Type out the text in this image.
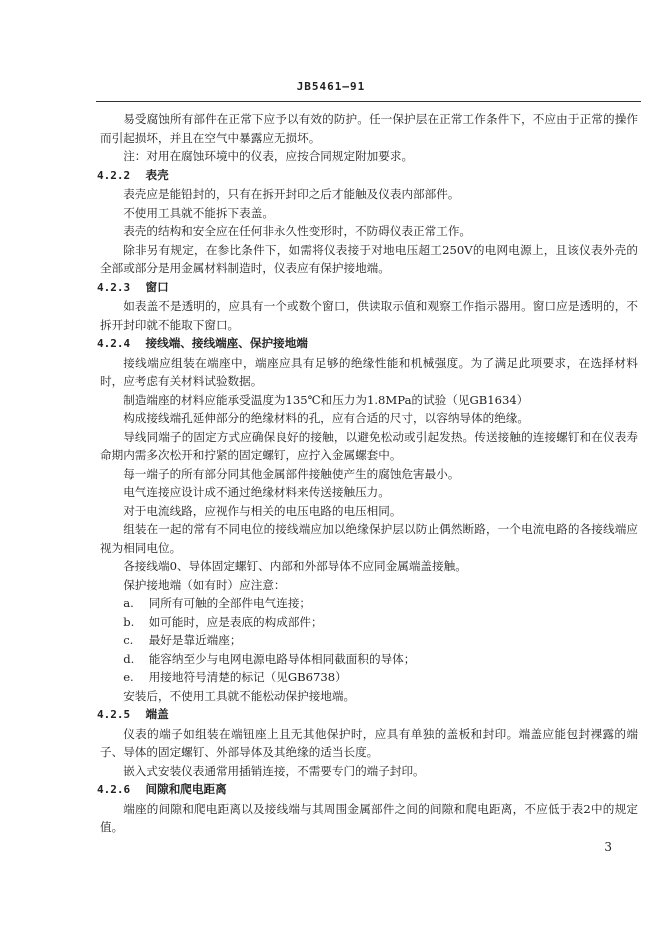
JB5461—91

易受腐蚀所有部件在正常下应予以有效的防护。任一保护层在正常工作条件下，不应由于正常的操作而引起损坏，并且在空气中暴露应无损坏。

注：对用在腐蚀环境中的仪表，应按合同规定附加要求。

4.2.2 表壳

表壳应是能铅封的，只有在拆开封印之后才能触及仪表内部部件。

不使用工具就不能拆下表盖。

表壳的结构和安全应在任何非永久性变形时，不防碍仪表正常工作。

除非另有规定，在参比条件下，如需将仪表接于对地电压超工250V的电网电源上，且该仪表外壳的全部或部分是用金属材料制造时，仪表应有保护接地端。

4.2.3 窗口

如表盖不是透明的，应具有一个或数个窗口，供读取示值和观察工作指示器用。窗口应是透明的，不拆开封印就不能取下窗口。

4.2.4 接线端、接线端座、保护接地端

接线端应组装在端座中，端座应具有足够的绝缘性能和机械强度。为了满足此项要求，在选择材料时，应考虑有关材料试验数据。

制造端座的材料应能承受温度为135℃和压力为1.8MPa的试验（见GB1634）

构成接线端孔延伸部分的绝缘材料的孔，应有合适的尺寸，以容纳导体的绝缘。

导线同端子的固定方式应确保良好的接触，以避免松动或引起发热。传送接触的连接螺钉和在仪表寿命期内需多次松开和拧紧的固定螺钉，应拧入金属螺套中。

每一端子的所有部分同其他金属部件接触使产生的腐蚀危害最小。

电气连接应设计成不通过绝缘材料来传送接触压力。

对于电流线路，应视作与相关的电压电路的电压相同。

组装在一起的常有不同电位的接线端应加以绝缘保护层以防止偶然断路，一个电流电路的各接线端应视为相同电位。

各接线端0、导体固定螺钉、内部和外部导体不应同金属端盖接触。

保护接地端（如有时）应注意：

a. 同所有可触的全部件电气连接；
b. 如可能时，应是表底的构成部件；
c. 最好是靠近端座；
d. 能容纳至少与电网电源电路导体相同截面积的导体；
e. 用接地符号清楚的标记（见GB6738）

安装后，不使用工具就不能松动保护接地端。

4.2.5 端盖

仪表的端子如组装在端钮座上且无其他保护时，应具有单独的盖板和封印。端盖应能包封裸露的端子、导体的固定螺钉、外部导体及其绝缘的适当长度。

嵌入式安装仪表通常用插销连接，不需要专门的端子封印。

4.2.6 间隙和爬电距离

端座的间隙和爬电距离以及接线端与其周围金属部件之间的间隙和爬电距离，不应低于表2中的规定值。

3
